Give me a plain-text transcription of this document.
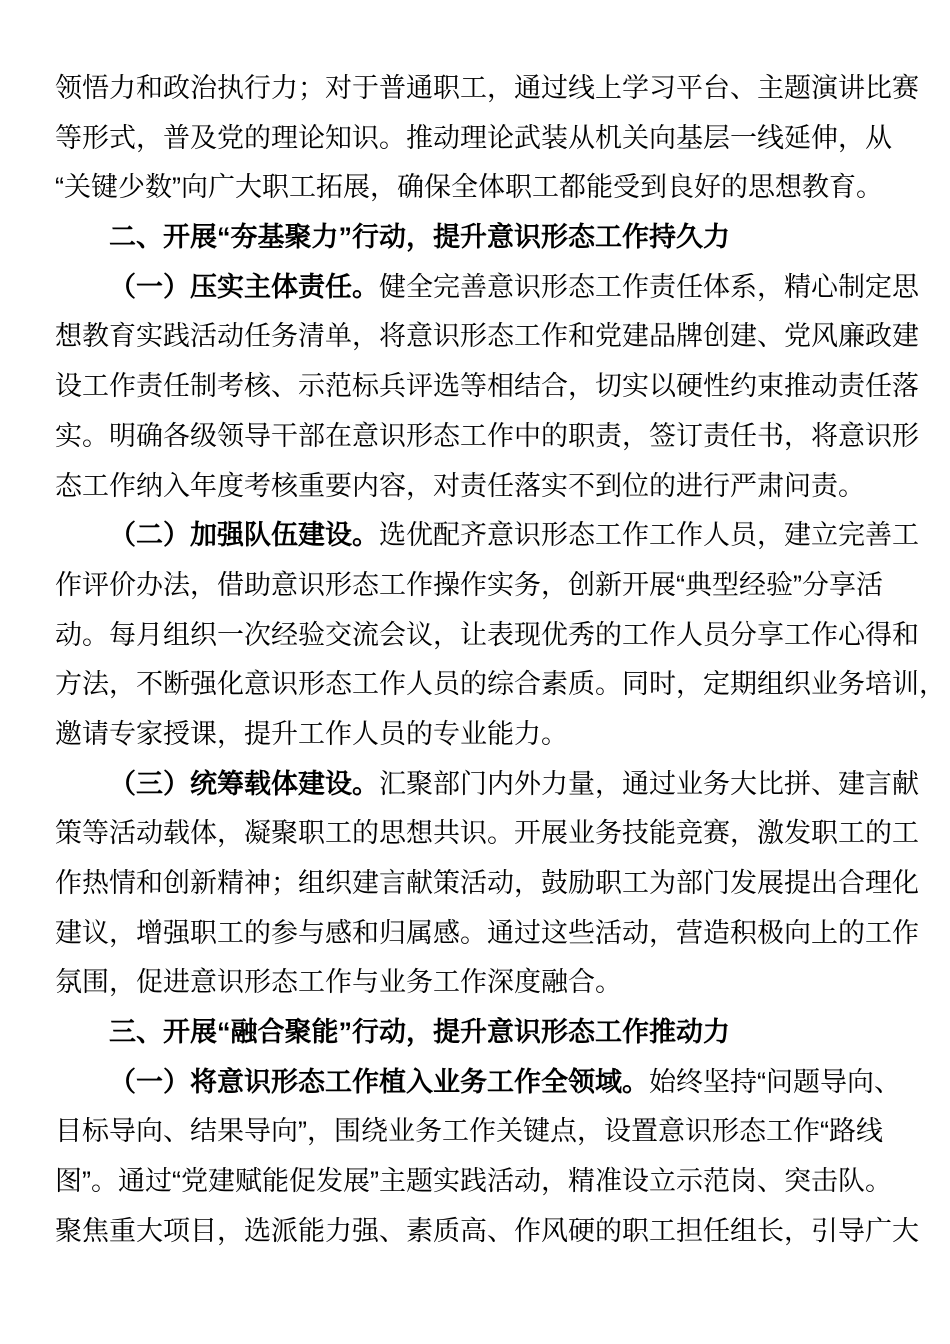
领悟力和政治执行力；对于普通职工，通过线上学习平台、主题演讲比赛
等形式，普及党的理论知识。推动理论武装从机关向基层一线延伸，从
“关键少数”向广大职工拓展，确保全体职工都能受到良好的思想教育。
二、开展“夯基聚力”行动，提升意识形态工作持久力
（一）压实主体责任。健全完善意识形态工作责任体系，精心制定思
想教育实践活动任务清单，将意识形态工作和党建品牌创建、党风廉政建
设工作责任制考核、示范标兵评选等相结合，切实以硬性约束推动责任落
实。明确各级领导干部在意识形态工作中的职责，签订责任书，将意识形
态工作纳入年度考核重要内容，对责任落实不到位的进行严肃问责。
（二）加强队伍建设。选优配齐意识形态工作工作人员，建立完善工
作评价办法，借助意识形态工作操作实务，创新开展“典型经验”分享活
动。每月组织一次经验交流会议，让表现优秀的工作人员分享工作心得和
方法，不断强化意识形态工作人员的综合素质。同时，定期组织业务培训，
邀请专家授课，提升工作人员的专业能力。
（三）统筹载体建设。汇聚部门内外力量，通过业务大比拼、建言献
策等活动载体，凝聚职工的思想共识。开展业务技能竞赛，激发职工的工
作热情和创新精神；组织建言献策活动，鼓励职工为部门发展提出合理化
建议，增强职工的参与感和归属感。通过这些活动，营造积极向上的工作
氛围，促进意识形态工作与业务工作深度融合。
三、开展“融合聚能”行动，提升意识形态工作推动力
（一）将意识形态工作植入业务工作全领域。始终坚持“问题导向、
目标导向、结果导向”，围绕业务工作关键点，设置意识形态工作“路线
图”。通过“党建赋能促发展”主题实践活动，精准设立示范岗、突击队。
聚焦重大项目，选派能力强、素质高、作风硬的职工担任组长，引导广大
